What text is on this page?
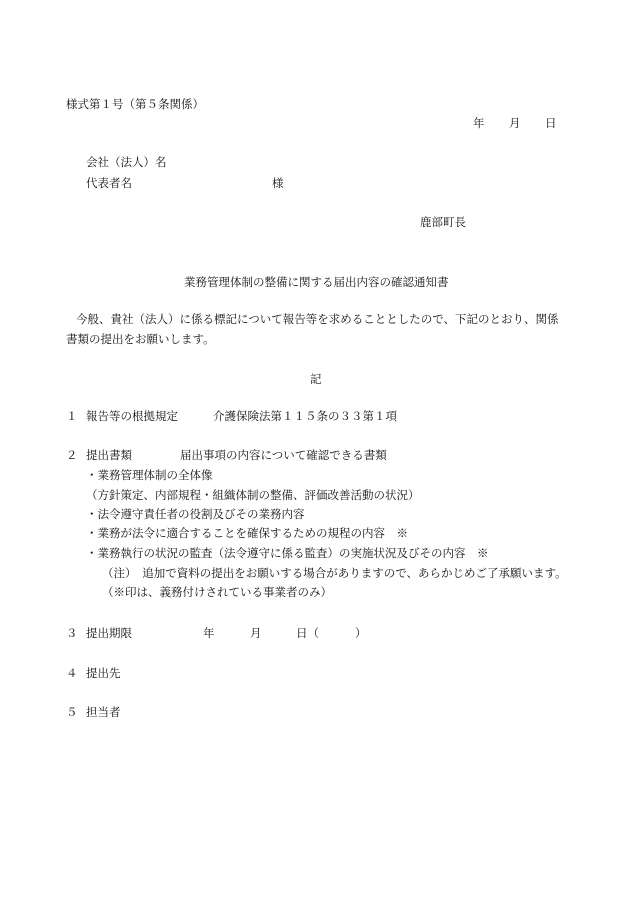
様式第１号（第５条関係）
年 月 日
会社（法人）名
代表者名	様
鹿部町長
業務管理体制の整備に関する届出内容の確認通知書
今般、貴社（法人）に係る標記について報告等を求めることとしたので、下記のとおり、関係
書類の提出をお願いします。
記
１ 報告等の根拠規定	介護保険法第１１５条の３３第１項
２ 提出書類	届出事項の内容について確認できる書類
・業務管理体制の全体像
（方針策定、内部規程・組織体制の整備、評価改善活動の状況）
・法令遵守責任者の役割及びその業務内容
・業務が法令に適合することを確保するための規程の内容　※
・業務執行の状況の監査（法令遵守に係る監査）の実施状況及びその内容　※
（注）　追加で資料の提出をお願いする場合がありますので、あらかじめご了承願います。
（※印は、義務付けされている事業者のみ）
３ 提出期限	年	月	日（	）
４ 提出先
５ 担当者
